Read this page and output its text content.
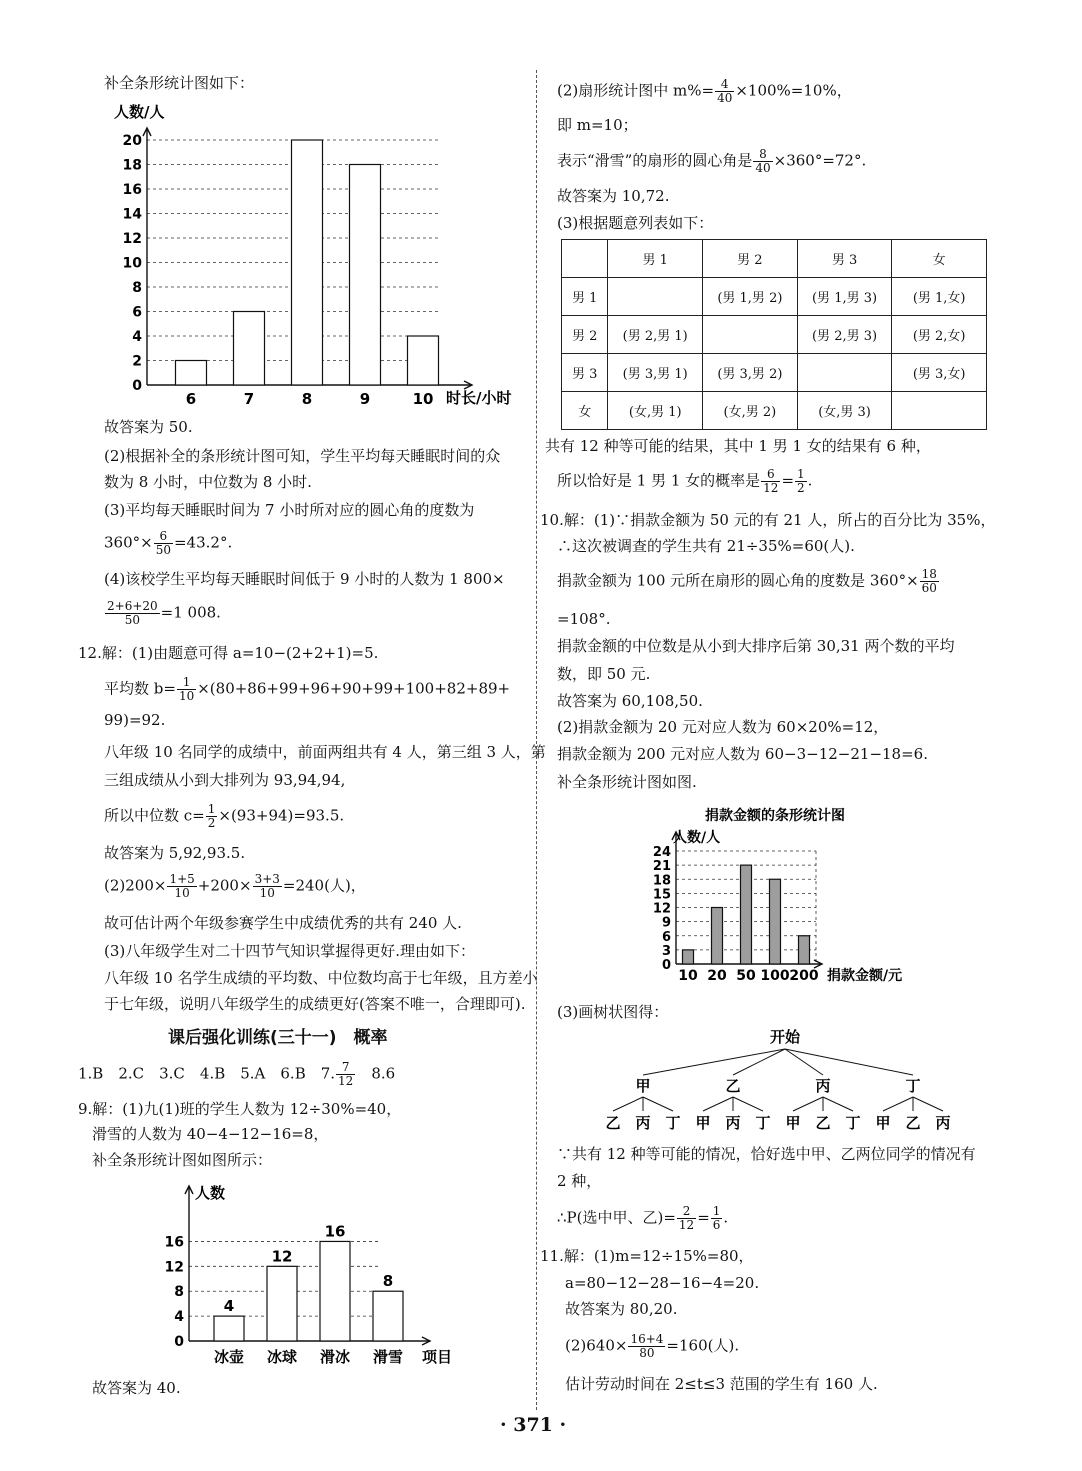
补全条形统计图如下：
0
2
4
6
8
10
12
14
16
18
20
6	7	8	9	10
人数/人
时长/小时
故答案为 50.
(2)根据补全的条形统计图可知，学生平均每天睡眠时间的众
数为 8 小时，中位数为 8 小时.
(3)平均每天睡眠时间为 7 小时所对应的圆心角的度数为
$360^\circ\times \frac{6}{50} =43.2^\circ$.
(4)该校学生平均每天睡眠时间低于 9 小时的人数为 1 800×
$\frac{2+6+20}{50} =1$ 008.
12.解：(1)由题意可得 a=10−(2+2+1)=5.
平均数 $b= \frac{1}{10} \times(80+86+99+96+90+99+100+82+89+$
99)=92.
八年级 10 名同学的成绩中，前面两组共有 4 人，第三组 3 人，第
三组成绩从小到大排列为 93,94,94,
所以中位数 $c= \frac{1}{2} \times(93+94)=93.5$.
故答案为 5,92,93.5.
$(2)200\times \frac{1+5}{10} +200\times \frac{3+3}{10} =240$(人)，
故可估计两个年级参赛学生中成绩优秀的共有 240 人.
(3)八年级学生对二十四节气知识掌握得更好.理由如下：
八年级 10 名学生成绩的平均数、中位数均高于七年级，且方差小
于七年级，说明八年级学生的成绩更好(答案不唯一，合理即可).
课后强化训练(三十一)　概率
1.B　2.C　3.C　4.B　5.A　6.B　7. $\frac{7}{12}$ 　8.6
9.解：(1)九(1)班的学生人数为 12÷30%=40，
滑雪的人数为 40−4−12−16=8，
补全条形统计图如图所示：
0
4
8
12
16
冰壶
4
冰球
12
滑冰
16
滑雪
8
人数
项目
故答案为 40.
(2)扇形统计图中 $m\%= \frac{4}{40} \times 100\%=10\%$，
即 m=10；
表示“滑雪”的扇形的圆心角是 $\frac{8}{40} \times 360^\circ=72^\circ$.
故答案为 10,72.
(3)根据题意列表如下：
	男 1	男 2	男 3	女
男 1		(男 1,男 2)	(男 1,男 3)	(男 1,女)
男 2	(男 2,男 1)		(男 2,男 3)	(男 2,女)
男 3	(男 3,男 1)	(男 3,男 2)		(男 3,女)
女	(女,男 1)	(女,男 2)	(女,男 3)	
共有 12 种等可能的结果，其中 1 男 1 女的结果有 6 种，
所以恰好是 1 男 1 女的概率是 $\frac{6}{12} = \frac{1}{2}$ .
10.解：(1)∵捐款金额为 50 元的有 21 人，所占的百分比为 35%，
∴这次被调查的学生共有 21÷35%=60(人).
捐款金额为 100 元所在扇形的圆心角的度数是 $360^\circ\times \frac{18}{60}$
=108°.
捐款金额的中位数是从小到大排序后第 30,31 两个数的平均
数，即 50 元.
故答案为 60,108,50.
(2)捐款金额为 20 元对应人数为 60×20%=12，
捐款金额为 200 元对应人数为 60−3−12−21−18=6.
补全条形统计图如图.
0
3
6
9
12
15
18
21
24
10 20 50 100 200
人数/人
捐款金额/元
捐款金额的条形统计图
(3)画树状图得：
开始
甲
乙 丙 丁
乙
甲 丙 丁
丙
甲 乙 丁
丁
甲 乙 丙
∵共有 12 种等可能的情况，恰好选中甲、乙两位同学的情况有
2 种，
∴P(选中甲、乙)= $\frac{2}{12} = \frac{1}{6}$ .
11.解：(1)m=12÷15%=80，
a=80−12−28−16−4=20.
故答案为 80,20.
$(2)640\times \frac{16+4}{80} =160$(人).
估计劳动时间在 2≤t≤3 范围的学生有 160 人.
· 371 ·
